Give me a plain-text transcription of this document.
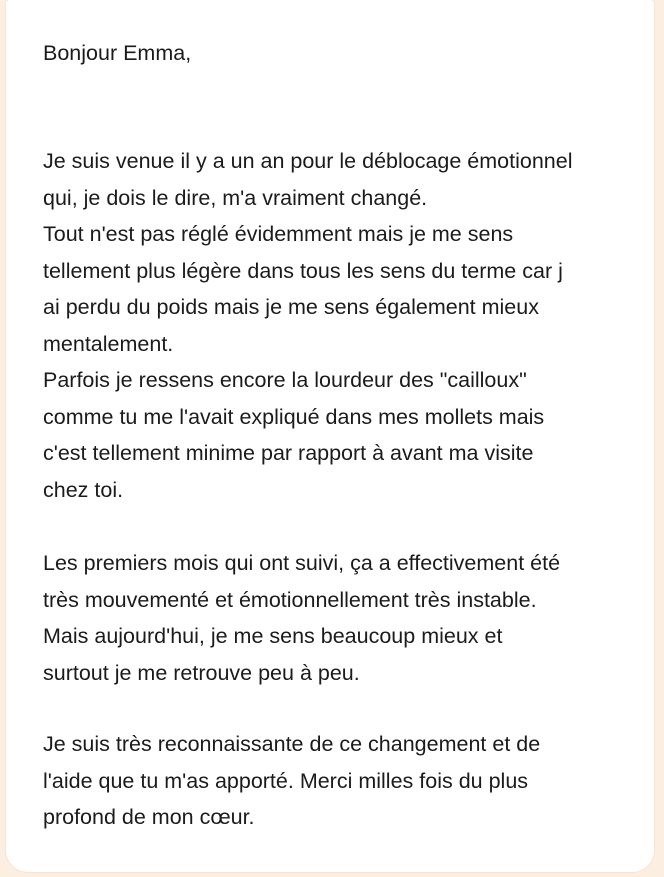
Bonjour Emma,
Je suis venue il y a un an pour le déblocage émotionnel
qui, je dois le dire, m'a vraiment changé.
Tout n'est pas réglé évidemment mais je me sens
tellement plus légère dans tous les sens du terme car j
ai perdu du poids mais je me sens également mieux
mentalement.
Parfois je ressens encore la lourdeur des "cailloux"
comme tu me l'avait expliqué dans mes mollets mais
c'est tellement minime par rapport à avant ma visite
chez toi.
Les premiers mois qui ont suivi, ça a effectivement été
très mouvementé et émotionnellement très instable.
Mais aujourd'hui, je me sens beaucoup mieux et
surtout je me retrouve peu à peu.
Je suis très reconnaissante de ce changement et de
l'aide que tu m'as apporté. Merci milles fois du plus
profond de mon cœur.
